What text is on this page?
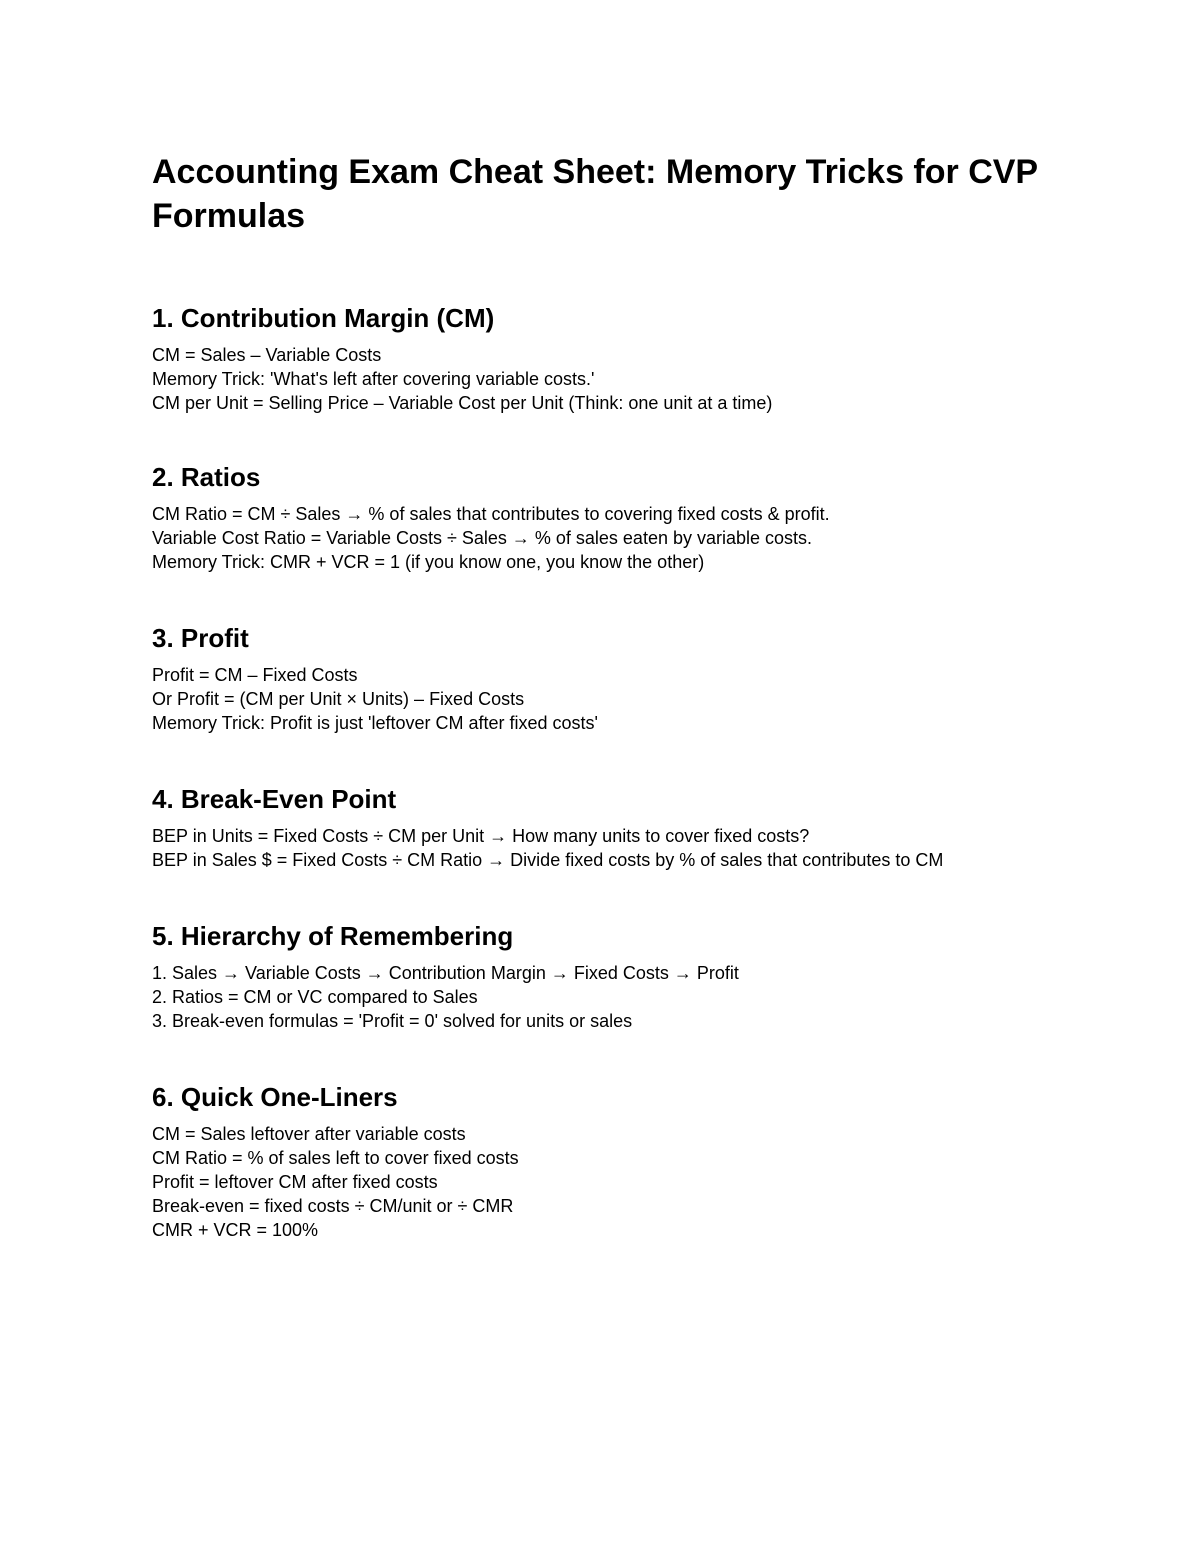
Accounting Exam Cheat Sheet: Memory Tricks for CVP Formulas
1. Contribution Margin (CM)
CM = Sales – Variable Costs
Memory Trick: 'What's left after covering variable costs.'
CM per Unit = Selling Price – Variable Cost per Unit (Think: one unit at a time)
2. Ratios
CM Ratio = CM ÷ Sales → % of sales that contributes to covering fixed costs & profit.
Variable Cost Ratio = Variable Costs ÷ Sales → % of sales eaten by variable costs.
Memory Trick: CMR + VCR = 1 (if you know one, you know the other)
3. Profit
Profit = CM – Fixed Costs
Or Profit = (CM per Unit × Units) – Fixed Costs
Memory Trick: Profit is just 'leftover CM after fixed costs'
4. Break-Even Point
BEP in Units = Fixed Costs ÷ CM per Unit → How many units to cover fixed costs?
BEP in Sales $ = Fixed Costs ÷ CM Ratio → Divide fixed costs by % of sales that contributes to CM
5. Hierarchy of Remembering
1. Sales → Variable Costs → Contribution Margin → Fixed Costs → Profit
2. Ratios = CM or VC compared to Sales
3. Break-even formulas = 'Profit = 0' solved for units or sales
6. Quick One-Liners
CM = Sales leftover after variable costs
CM Ratio = % of sales left to cover fixed costs
Profit = leftover CM after fixed costs
Break-even = fixed costs ÷ CM/unit or ÷ CMR
CMR + VCR = 100%
